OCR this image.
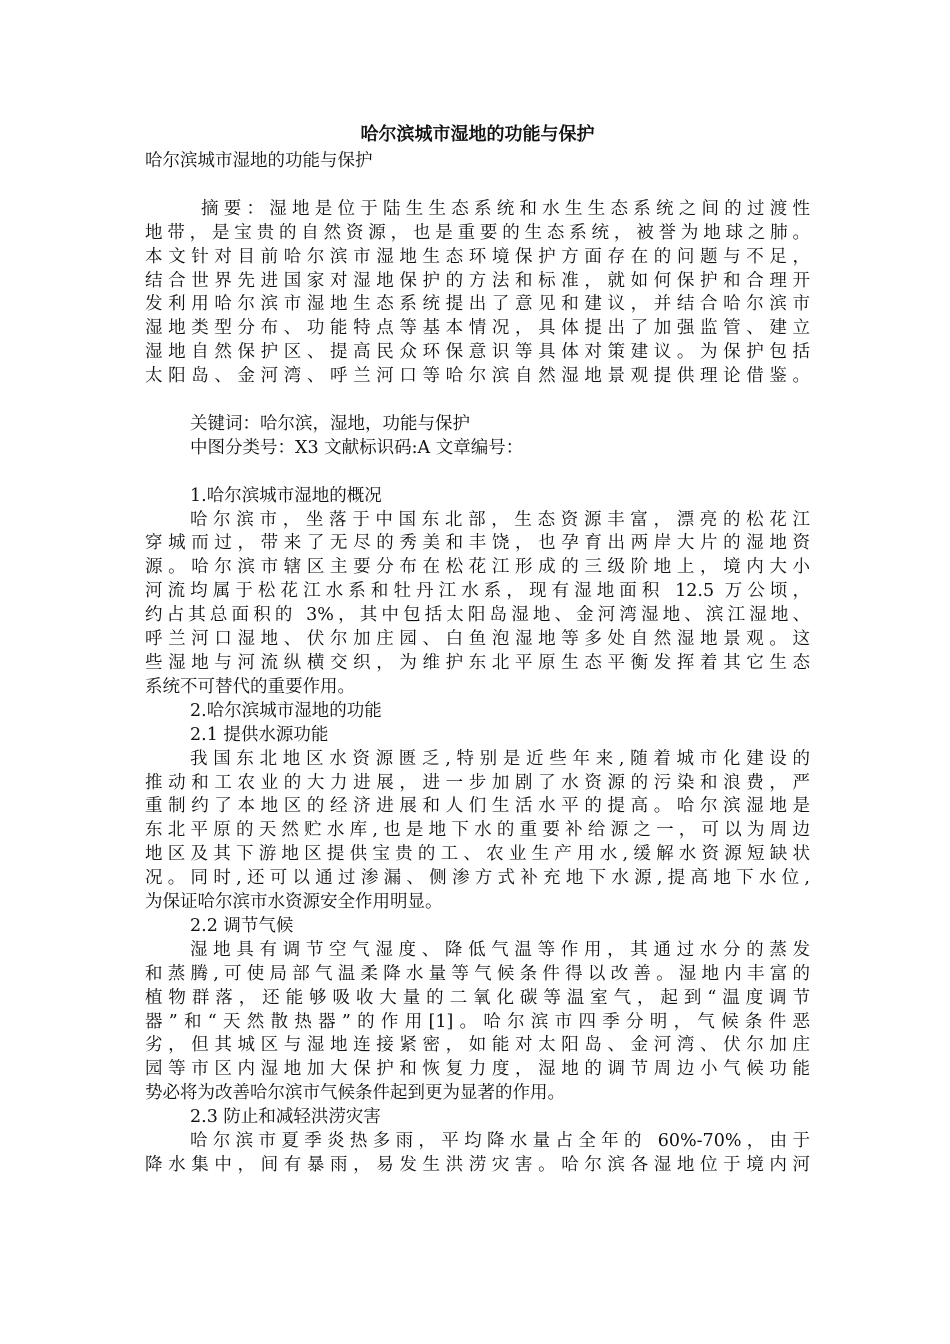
哈尔滨城市湿地的功能与保护
哈尔滨城市湿地的功能与保护
摘要：湿地是位于陆生生态系统和水生生态系统之间的过渡性
地带，是宝贵的自然资源，也是重要的生态系统，被誉为地球之肺。
本文针对目前哈尔滨市湿地生态环境保护方面存在的问题与不足，
结合世界先进国家对湿地保护的方法和标准，就如何保护和合理开
发利用哈尔滨市湿地生态系统提出了意见和建议，并结合哈尔滨市
湿地类型分布、功能特点等基本情况，具体提出了加强监管、建立
湿地自然保护区、提高民众环保意识等具体对策建议。为保护包括
太阳岛、金河湾、呼兰河口等哈尔滨自然湿地景观提供理论借鉴。
关键词：哈尔滨，湿地，功能与保护
中图分类号：X3 文献标识码:A 文章编号：
1.哈尔滨城市湿地的概况
哈尔滨市，坐落于中国东北部，生态资源丰富，漂亮的松花江
穿城而过，带来了无尽的秀美和丰饶，也孕育出两岸大片的湿地资
源。哈尔滨市辖区主要分布在松花江形成的三级阶地上，境内大小
河流均属于松花江水系和牡丹江水系，现有湿地面积 12.5 万公顷，
约占其总面积的 3%，其中包括太阳岛湿地、金河湾湿地、滨江湿地、
呼兰河口湿地、伏尔加庄园、白鱼泡湿地等多处自然湿地景观。这
些湿地与河流纵横交织，为维护东北平原生态平衡发挥着其它生态
系统不可替代的重要作用。
2.哈尔滨城市湿地的功能
2.1 提供水源功能
我国东北地区水资源匮乏,特别是近些年来,随着城市化建设的
推动和工农业的大力进展，进一步加剧了水资源的污染和浪费，严
重制约了本地区的经济进展和人们生活水平的提高。哈尔滨湿地是
东北平原的天然贮水库,也是地下水的重要补给源之一，可以为周边
地区及其下游地区提供宝贵的工、农业生产用水,缓解水资源短缺状
况。同时,还可以通过渗漏、侧渗方式补充地下水源,提高地下水位,
为保证哈尔滨市水资源安全作用明显。
2.2 调节气候
湿地具有调节空气湿度、降低气温等作用，其通过水分的蒸发
和蒸腾,可使局部气温柔降水量等气候条件得以改善。湿地内丰富的
植物群落，还能够吸收大量的二氧化碳等温室气，起到“温度调节
器”和“天然散热器”的作用[1]。哈尔滨市四季分明，气候条件恶
劣，但其城区与湿地连接紧密，如能对太阳岛、金河湾、伏尔加庄
园等市区内湿地加大保护和恢复力度，湿地的调节周边小气候功能
势必将为改善哈尔滨市气候条件起到更为显著的作用。
2.3 防止和减轻洪涝灾害
哈尔滨市夏季炎热多雨，平均降水量占全年的 60%-70%，由于
降水集中，间有暴雨，易发生洪涝灾害。哈尔滨各湿地位于境内河
